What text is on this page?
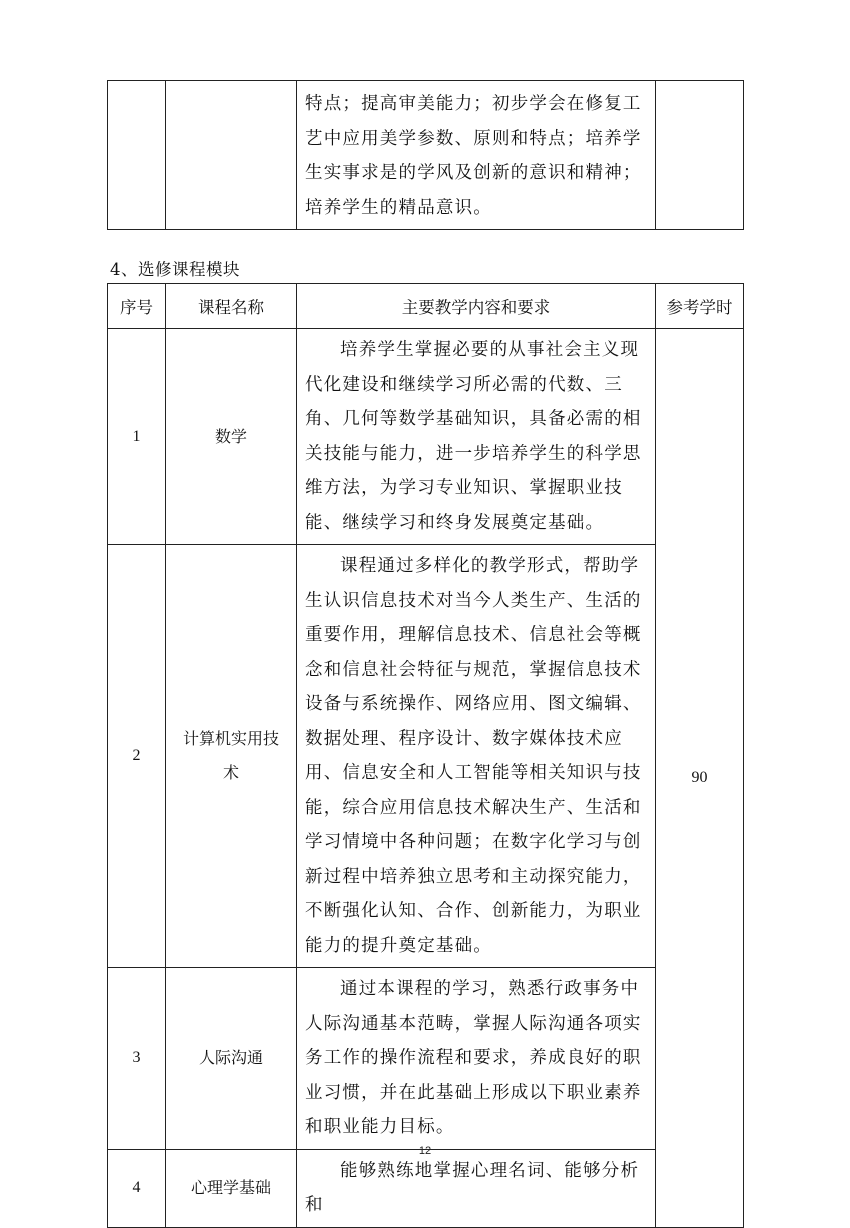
特点；提高审美能力；初步学会在修复工艺中应用美学参数、原则和特点；培养学生实事求是的学风及创新的意识和精神；培养学生的精品意识。

4、选修课程模块
序号	课程名称	主要教学内容和要求	参考学时
1	数学	培养学生掌握必要的从事社会主义现代化建设和继续学习所必需的代数、三角、几何等数学基础知识，具备必需的相关技能与能力，进一步培养学生的科学思维方法，为学习专业知识、掌握职业技能、继续学习和终身发展奠定基础。	90
2	计算机实用技术	课程通过多样化的教学形式，帮助学生认识信息技术对当今人类生产、生活的重要作用，理解信息技术、信息社会等概念和信息社会特征与规范，掌握信息技术设备与系统操作、网络应用、图文编辑、数据处理、程序设计、数字媒体技术应用、信息安全和人工智能等相关知识与技能，综合应用信息技术解决生产、生活和学习情境中各种问题；在数字化学习与创新过程中培养独立思考和主动探究能力，不断强化认知、合作、创新能力，为职业能力的提升奠定基础。	

3	人际沟通	通过本课程的学习，熟悉行政事务中人际沟通基本范畴，掌握人际沟通各项实务工作的操作流程和要求，养成良好的职业习惯，并在此基础上形成以下职业素养和职业能力目标。	

4	心理学基础	能够熟练地掌握心理名词、能够分析和	

12
